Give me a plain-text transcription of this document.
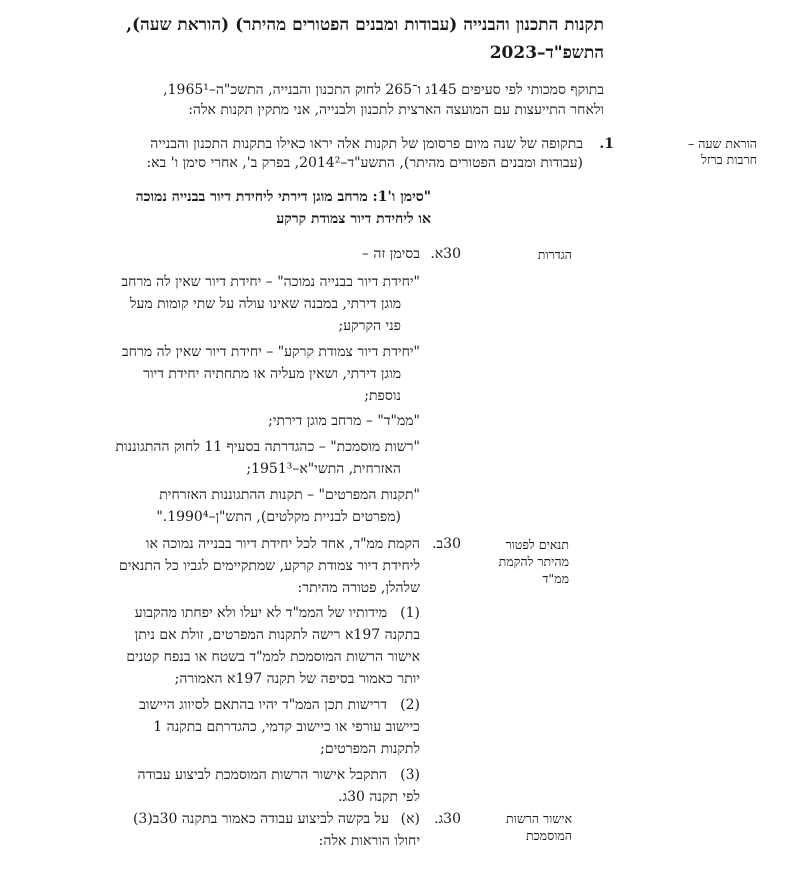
תקנות התכנון והבנייה (עבודות ומבנים הפטורים מהיתר) (הוראת שעה),
התשפ"ד–2023
בתוקף סמכותי לפי סעיפים 145ג ו־265 לחוק התכנון והבנייה, התשכ"ה–1965¹,
ולאחר התייעצות עם המועצה הארצית לתכנון ולבנייה, אני מתקין תקנות אלה:
הוראת שעה –
חרבות ברזל
1.
בתקופה של שנה מיום פרסומן של תקנות אלה יראו כאילו בתקנות התכנון והבנייה
(עבודות ומבנים הפטורים מהיתר), התשע"ד–2014², בפרק ב', אחרי סימן ו' בא:
"סימן ו'1: מרחב מוגן דירתי ליחידת דיור בבנייה נמוכה
או ליחידת דיור צמודת קרקע
הגדרות
30א.
בסימן זה –
"יחידת דיור בבנייה נמוכה" – יחידת דיור שאין לה מרחב
מוגן דירתי, במבנה שאינו עולה על שתי קומות מעל
פני הקרקע;
"יחידת דיור צמודת קרקע" – יחידת דיור שאין לה מרחב
מוגן דירתי, ושאין מעליה או מתחתיה יחידת דיור
נוספת;
"ממ"ד" – מרחב מוגן דירתי;
"רשות מוסמכת" – כהגדרתה בסעיף 11 לחוק ההתגוננות
האזרחית, התשי"א–1951³;
"תקנות המפרטים" – תקנות ההתגוננות האזרחית
(מפרטים לבניית מקלטים), התש"ן–1990⁴."
תנאים לפטור
מהיתר להקמת
ממ"ד
30ב.
הקמת ממ"ד, אחד לכל יחידת דיור בבנייה נמוכה או
ליחידת דיור צמודת קרקע, שמתקיימים לגביו כל התנאים
שלהלן, פטורה מהיתר:
(1)
מידותיו של הממ"ד לא יעלו ולא יפחתו מהקבוע
בתקנה 197א רישה לתקנות המפרטים, זולת אם ניתן
אישור הרשות המוסמכת לממ"ד בשטח או בנפח קטנים
יותר כאמור בסיפה של תקנה 197א האמורה;
(2)
דרישות תכן הממ"ד יהיו בהתאם לסיווג היישוב
כיישוב עורפי או כיישוב קדמי, כהגדרתם בתקנה 1
לתקנות המפרטים;
(3)
התקבל אישור הרשות המוסמכת לביצוע עבודה
לפי תקנה 30ג.
אישור הרשות
המוסמכת
30ג.
(א)
על בקשה לביצוע עבודה כאמור בתקנה 30ב(3)
יחולו הוראות אלה:
